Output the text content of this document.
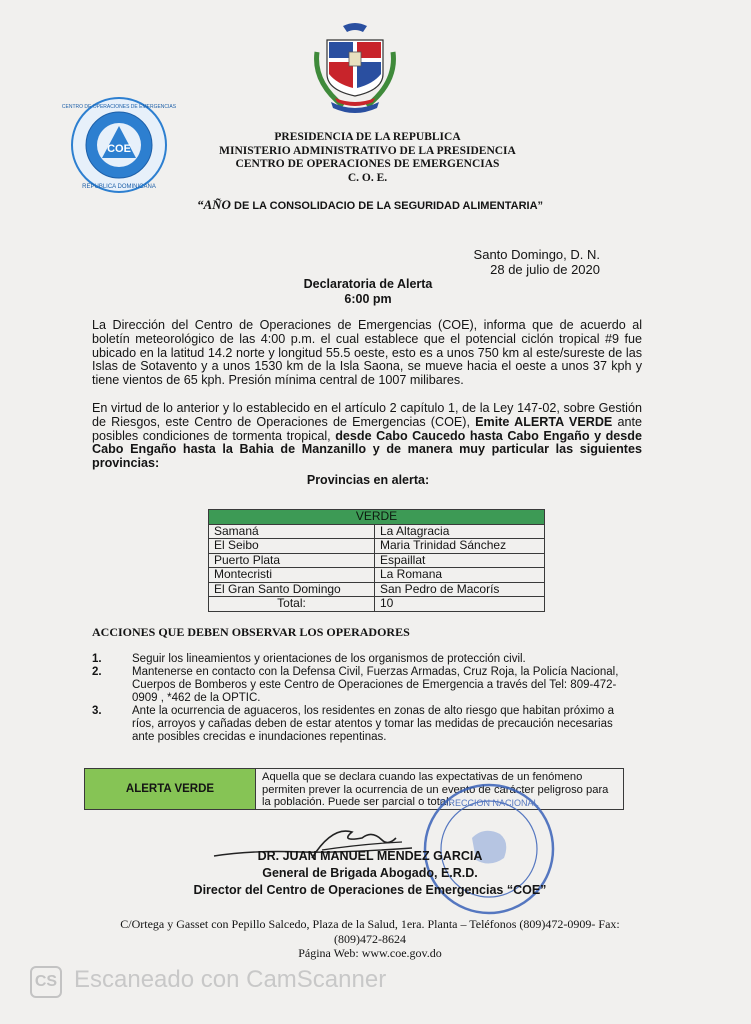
COE
CENTRO DE OPERACIONES DE EMERGENCIAS
REPUBLICA DOMINICANA
PRESIDENCIA DE LA REPUBLICA
MINISTERIO ADMINISTRATIVO DE LA PRESIDENCIA
CENTRO DE OPERACIONES DE EMERGENCIAS
C. O. E.
“AÑO DE LA CONSOLIDACIO DE LA SEGURIDAD ALIMENTARIA”
Santo Domingo, D. N.
28 de julio de 2020
Declaratoria de Alerta
6:00 pm
La Dirección del Centro de Operaciones de Emergencias (COE), informa que de acuerdo al boletín meteorológico de las 4:00 p.m. el cual establece que el potencial ciclón tropical #9 fue ubicado en la latitud 14.2 norte y longitud 55.5 oeste, esto es a unos 750 km al este/sureste de las Islas de Sotavento y a unos 1530 km de la Isla Saona, se mueve hacia el oeste a unos 37 kph y tiene vientos de 65 kph. Presión mínima central de 1007 milibares.
En virtud de lo anterior y lo establecido en el artículo 2 capítulo 1, de la Ley 147-02, sobre Gestión de Riesgos, este Centro de Operaciones de Emergencias (COE), Emite ALERTA VERDE ante posibles condiciones de tormenta tropical, desde Cabo Caucedo hasta Cabo Engaño y desde Cabo Engaño hasta la Bahia de Manzanillo y de manera muy particular las siguientes provincias:
Provincias en alerta:
VERDE	
Samaná	La Altagracia
El Seibo	Maria Trinidad Sánchez
Puerto Plata	Espaillat
Montecristi	La Romana
El Gran Santo Domingo	San Pedro de Macorís
Total:	10
ACCIONES QUE DEBEN OBSERVAR LOS OPERADORES
1.	Seguir los lineamientos y orientaciones de los organismos de protección civil.
2.	Mantenerse en contacto con la Defensa Civil, Fuerzas Armadas, Cruz Roja, la Policía Nacional, Cuerpos de Bomberos y este Centro de Operaciones de Emergencia a través del Tel: 809-472-0909 , *462 de la OPTIC.
3.	Ante la ocurrencia de aguaceros, los residentes en zonas de alto riesgo que habitan próximo a ríos, arroyos y cañadas deben de estar atentos y tomar las medidas de precaución necesarias ante posibles crecidas e inundaciones repentinas.
ALERTA VERDE
Aquella que se declara cuando las expectativas de un fenómeno permiten prever la ocurrencia de un evento de carácter peligroso para la población. Puede ser parcial o total.
DIRECCION NACIONAL
DR. JUAN MANUEL MENDEZ GARCIA
General de Brigada Abogado, E.R.D.
Director del Centro de Operaciones de Emergencias “COE”
C/Ortega y Gasset con Pepillo Salcedo, Plaza de la Salud, 1era. Planta – Teléfonos (809)472-0909- Fax: (809)472-8624
Página Web: www.coe.gov.do
CS Escaneado con CamScanner
